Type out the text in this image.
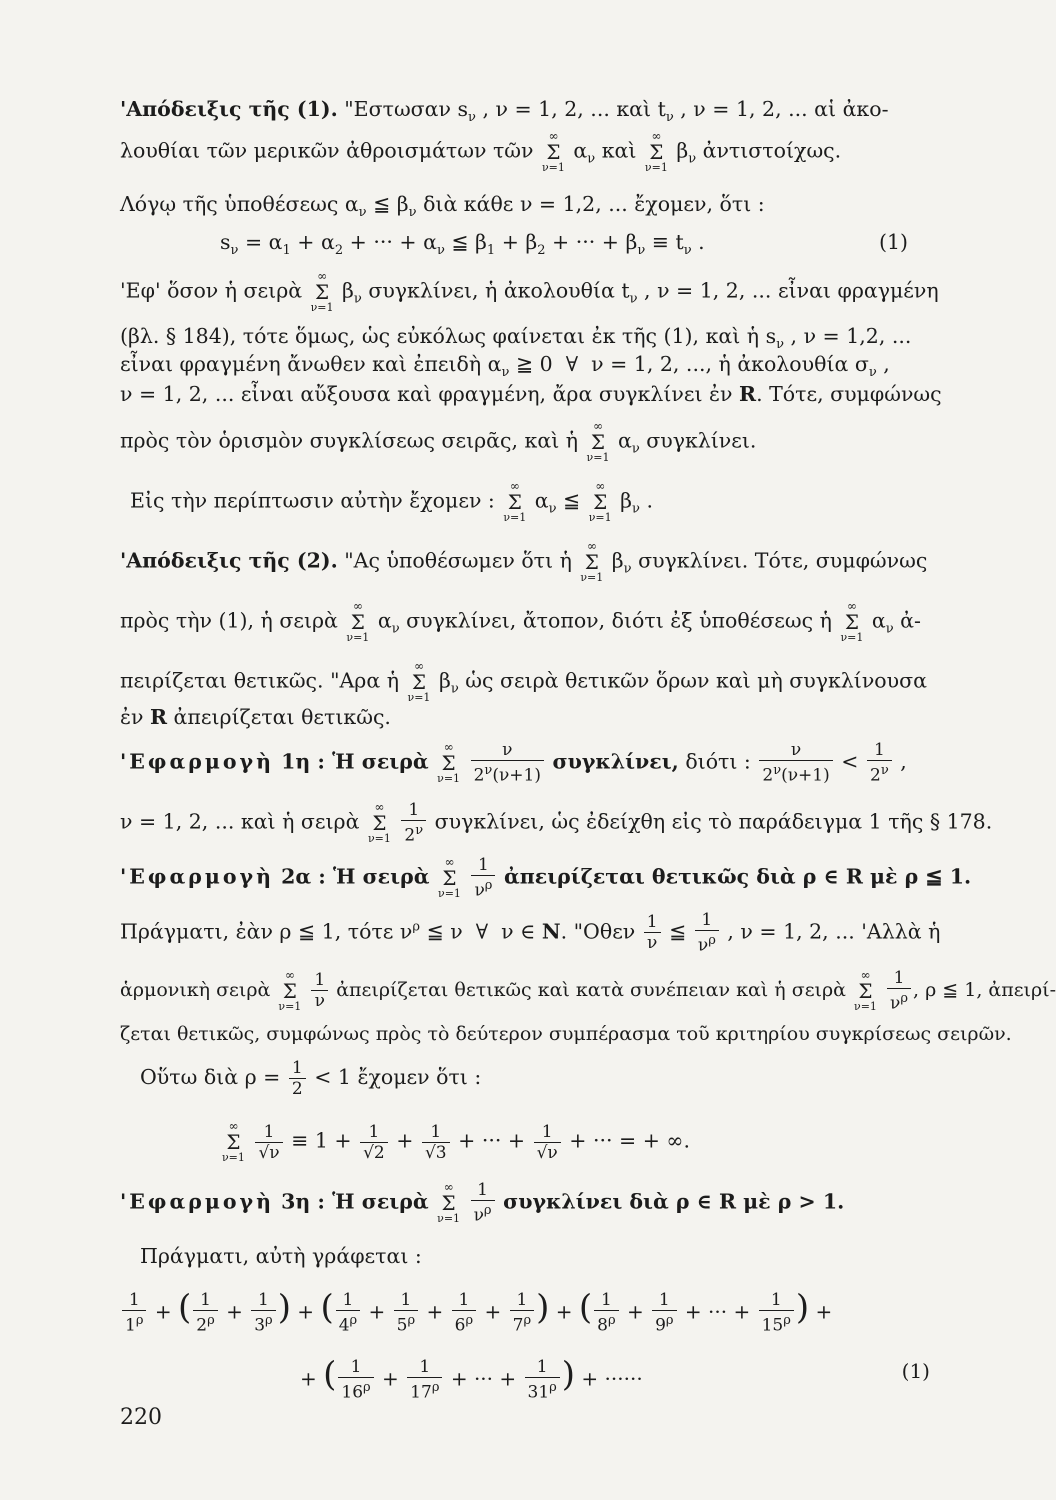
'Απόδειξις τῆς (1). "Εστωσαν $s_\nu$ , ν = 1, 2, ... καὶ $t_\nu$ , ν = 1, 2, ... αἱ ἀκο-
λουθίαι τῶν μερικῶν ἀθροισμάτων τῶν
∞
Σ
ν=1
$\alpha_\nu$ καὶ
∞
Σ
ν=1
$\beta_\nu$ ἀντιστοίχως.
Λόγῳ τῆς ὑποθέσεως $\alpha_\nu$ ≦ $\beta_\nu$ διὰ κάθε ν = 1,2, ... ἔχομεν, ὅτι :
$s_\nu = \alpha_1 + \alpha_2$ + ··· + $\alpha_\nu$ ≦ $\beta_1 + \beta_2$ + ··· + $\beta_\nu \equiv t_\nu$ .	(1)
'Εφ' ὅσον ἡ σειρὰ
∞
Σ
ν=1
$\beta_\nu$ συγκλίνει, ἡ ἀκολουθία $t_\nu$ , ν = 1, 2, ... εἶναι φραγμένη
(βλ. § 184), τότε ὅμως, ὡς εὐκόλως φαίνεται ἐκ τῆς (1), καὶ ἡ $s_\nu$ , ν = 1,2, ...
εἶναι φραγμένη ἄνωθεν καὶ ἐπειδὴ $\alpha_\nu$ ≧ 0  ∀  ν = 1, 2, ..., ἡ ἀκολουθία $\sigma_\nu$ ,
ν = 1, 2, ... εἶναι αὔξουσα καὶ φραγμένη, ἄρα συγκλίνει ἐν R. Τότε, συμφώνως
πρὸς τὸν ὁρισμὸν συγκλίσεως σειρᾶς, καὶ ἡ
∞
Σ
ν=1
$\alpha_\nu$ συγκλίνει.
Εἰς τὴν περίπτωσιν αὐτὴν ἔχομεν :
∞
Σ
ν=1
$\alpha_\nu$ ≦
∞
Σ
ν=1
$\beta_\nu$ .
'Απόδειξις τῆς (2). "Ας ὑποθέσωμεν ὅτι ἡ
∞
Σ
ν=1
$\beta_\nu$ συγκλίνει. Τότε, συμφώνως
πρὸς τὴν (1), ἡ σειρὰ
∞
Σ
ν=1
$\alpha_\nu$ συγκλίνει, ἄτοπον, διότι ἐξ ὑποθέσεως ἡ
∞
Σ
ν=1
$\alpha_\nu$ ἀ-
πειρίζεται θετικῶς. "Αρα ἡ
∞
Σ
ν=1
$\beta_\nu$ ὡς σειρὰ θετικῶν ὅρων καὶ μὴ συγκλίνουσα
ἐν R ἀπειρίζεται θετικῶς.
'Εφαρμογὴ 1η : Ἡ σειρὰ
∞
Σ
ν=1
$\frac{\nu}{2^\nu(\nu+1)} \sigma\upsilon\gamma\kappa\lambda ί\nu\varepsilon\iota$, διότι : $\frac{\nu}{2^\nu(\nu+1)} < \frac{1}{2^\nu}$ ,
ν = 1, 2, ... καὶ ἡ σειρὰ
∞
Σ
ν=1
$\frac{1}{2^\nu} \sigma\upsilon\gamma\kappa\lambda ί\nu\varepsilon\iota$, ὡς ἐδείχθη εἰς τὸ παράδειγμα 1 τῆς § 178.
'Εφαρμογὴ 2α : Ἡ σειρὰ
∞
Σ
ν=1
$\frac{1}{\nu^\rho}$ ἀπειρίζεται θετικῶς διὰ ρ ∈ R μὲ ρ ≦ 1.
Πράγματι, ἐὰν ρ ≦ 1, τότε $\nu^\rho$ ≦ ν  ∀  ν ∈ N. "$O\theta\varepsilon\nu \frac{1}{\nu}$ ≦ $\frac{1}{\nu^\rho}$ , ν = 1, 2, ... 'Αλλὰ ἡ
ἁρμονικὴ σειρὰ
∞
Σ
ν=1
$\frac{1}{\nu}$ ἀπειρίζεται θετικῶς καὶ κατὰ συνέπειαν καὶ ἡ σειρὰ
∞
Σ
ν=1
$\frac{1}{\nu^\rho}$ , ρ ≦ 1, ἀπειρί-
ζεται θετικῶς, συμφώνως πρὸς τὸ δεύτερον συμπέρασμα τοῦ κριτηρίου συγκρίσεως σειρῶν.
Οὕτω διὰ $\rho = \frac{1}{2} < 1$ ἔχομεν ὅτι :
∞
Σ
ν=1
$\frac{1}{√\nu} \equiv 1 + \frac{1}{√2} + \frac{1}{√3}$ + ··· + $\frac{1}{√\nu}$ + ··· = + ∞.
'Εφαρμογὴ 3η : Ἡ σειρὰ
∞
Σ
ν=1
$\frac{1}{\nu^\rho}$ συγκλίνει διὰ ρ ∈ R μὲ ρ > 1.
Πράγματι, αὐτὴ γράφεται :
$\frac{1}{1^\rho}$ + ( $\frac{1}{2^\rho} + \frac{1}{3^\rho}$ ) + ( $\frac{1}{4^\rho} + \frac{1}{5^\rho} + \frac{1}{6^\rho} + \frac{1}{7^\rho}$ ) + ( $\frac{1}{8^\rho} + \frac{1}{9^\rho}$ + ··· + $\frac{1}{15^\rho}$ ) +
+ ( $\frac{1}{16^\rho} + \frac{1}{17^\rho}$ + ··· + $\frac{1}{31^\rho}$ ) + ······	(1)
220
